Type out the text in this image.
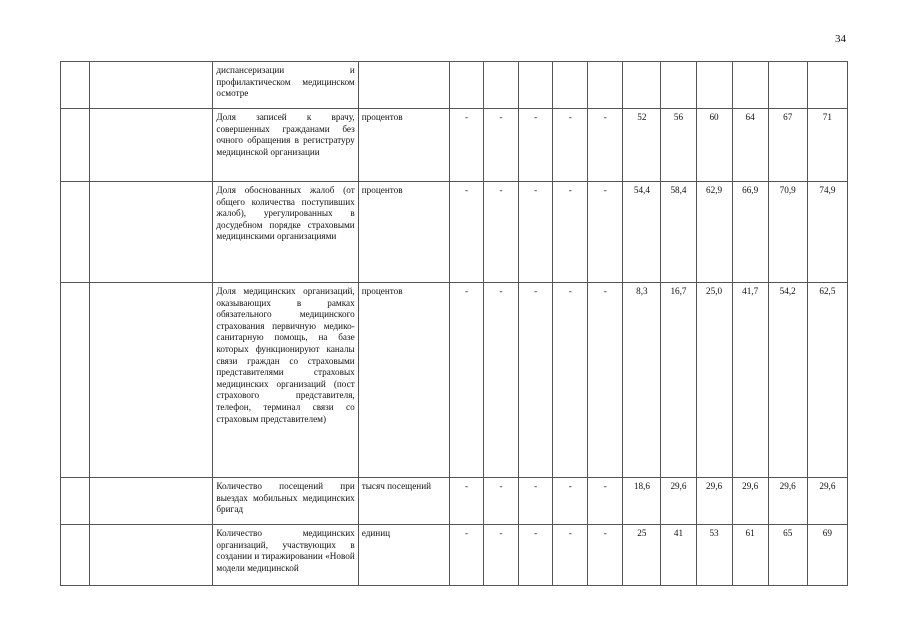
34
		диспансеризации и профилактическом медицинском осмотре												
		Доля записей к врачу, совершенных гражданами без очного обращения в регистратуру медицинской организации	процентов	-	-	-	-	-	52	56	60	64	67	71
		Доля обоснованных жалоб (от общего количества поступивших жалоб), урегулированных в досудебном порядке страховыми медицинскими организациями	процентов	-	-	-	-	-	54,4	58,4	62,9	66,9	70,9	74,9
		Доля медицинских организаций, оказывающих в рамках обязательного медицинского страхования первичную медико-санитарную помощь, на базе которых функционируют каналы связи граждан со страховыми представителями страховых медицинских организаций (пост страхового представителя, телефон, терминал связи со страховым представителем)	процентов	-	-	-	-	-	8,3	16,7	25,0	41,7	54,2	62,5
		Количество посещений при выездах мобильных медицинских бригад	тысяч посещений	-	-	-	-	-	18,6	29,6	29,6	29,6	29,6	29,6
		Количество медицинских организаций, участвующих в создании и тиражировании «Новой модели медицинской	единиц	-	-	-	-	-	25	41	53	61	65	69
